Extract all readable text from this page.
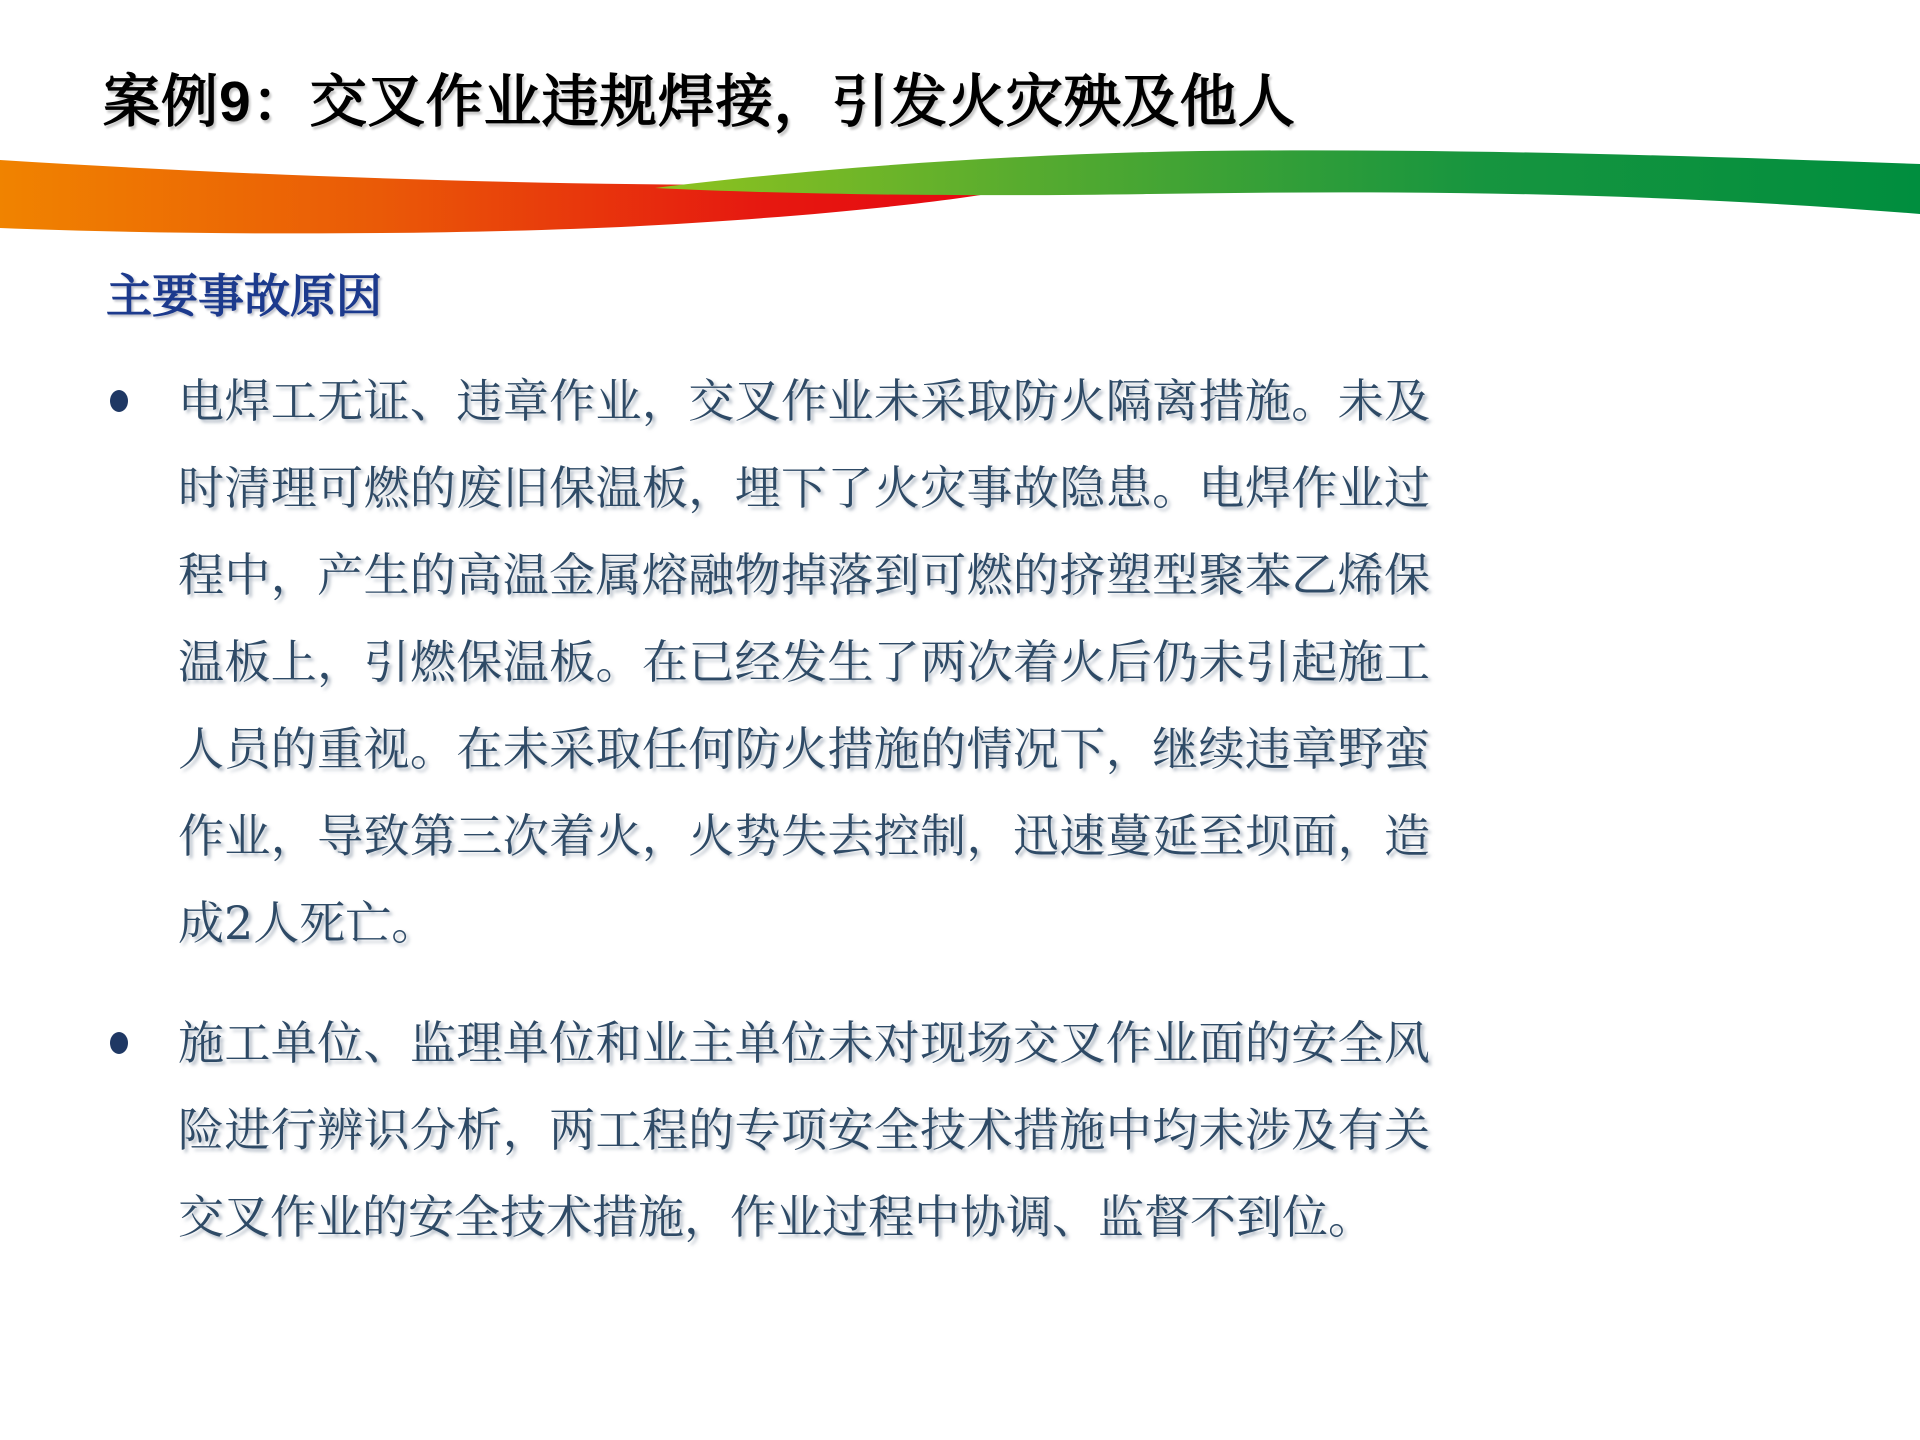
案例9：交叉作业违规焊接，引发火灾殃及他人
主要事故原因
电焊工无证、违章作业，交叉作业未采取防火隔离措施。未及
时清理可燃的废旧保温板，埋下了火灾事故隐患。电焊作业过
程中，产生的高温金属熔融物掉落到可燃的挤塑型聚苯乙烯保
温板上，引燃保温板。在已经发生了两次着火后仍未引起施工
人员的重视。在未采取任何防火措施的情况下，继续违章野蛮
作业，导致第三次着火，火势失去控制，迅速蔓延至坝面，造
成2人死亡。
施工单位、监理单位和业主单位未对现场交叉作业面的安全风
险进行辨识分析，两工程的专项安全技术措施中均未涉及有关
交叉作业的安全技术措施，作业过程中协调、监督不到位。
